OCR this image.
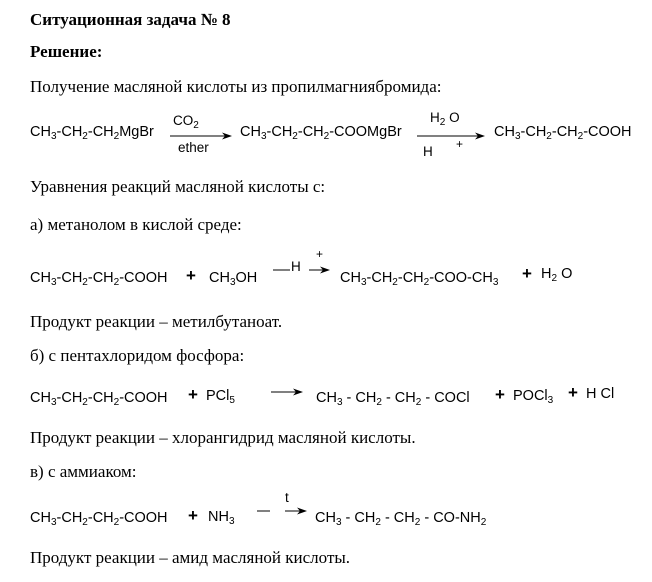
Ситуационная задача № 8
Решение:
Получение масляной кислоты из пропилмагниябромида:
$CH_3-CH_2-CH_2MgBr$
$CO_2$
ether
$CH_3-CH_2-CH_2$-COOMgBr
$H_2$ O
H +
$CH_3-CH_2-CH_2$-COOH
Уравнения реакций масляной кислоты с:
а) метанолом в кислой среде:
$CH_3-CH_2-CH_2$-COOH + $CH_3OH$
H
+
$CH_3-CH_2-CH_2-COO-CH_3 + H_2$ O
Продукт реакции – метилбутаноат.
б) с пентахлоридом фосфора:
$CH_3-CH_2-CH_2$-COOH + PCl$_5$	$CH_3 - CH_2 - CH_2$ - COCl + POCl$_3$ + H Cl
Продукт реакции – хлорангидрид масляной кислоты.
в) с аммиаком:
$CH_3-CH_2-CH_2$-COOH + $NH_3$
t
$CH_3 - CH_2 - CH_2 - CO-NH_2$
Продукт реакции – амид масляной кислоты.
